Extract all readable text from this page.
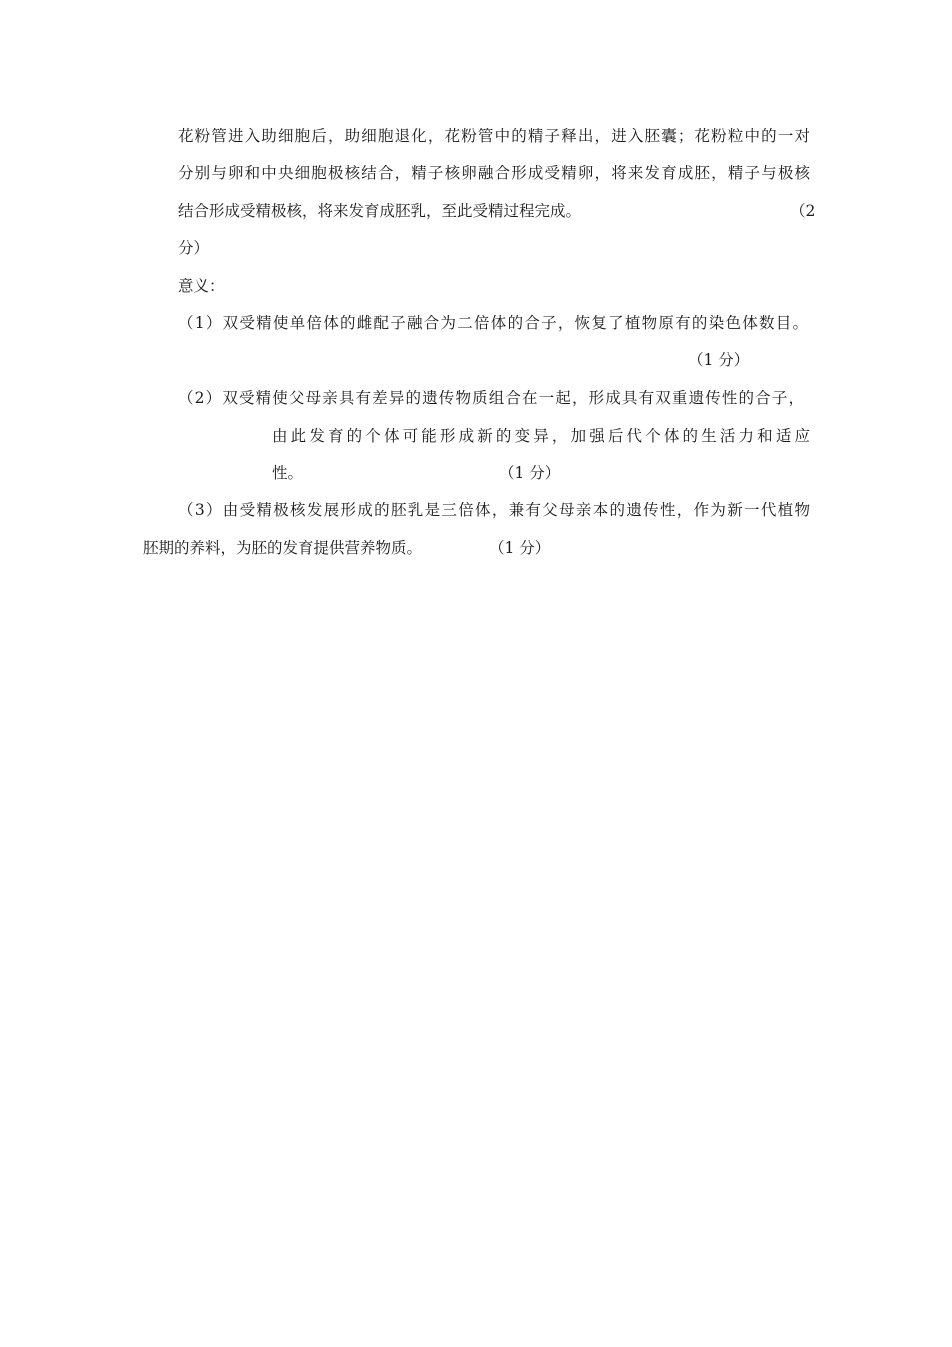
花粉管进入助细胞后，助细胞退化，花粉管中的精子释出，进入胚囊；花粉粒中的一对
分别与卵和中央细胞极核结合，精子核卵融合形成受精卵，将来发育成胚，精子与极核
结合形成受精极核，将来发育成胚乳，至此受精过程完成。	（2
分）
意义：
（1）双受精使单倍体的雌配子融合为二倍体的合子，恢复了植物原有的染色体数目。
（1 分）
（2）双受精使父母亲具有差异的遗传物质组合在一起，形成具有双重遗传性的合子，
由此发育的个体可能形成新的变异，加强后代个体的生活力和适应
性。	（1 分）
（3）由受精极核发展形成的胚乳是三倍体，兼有父母亲本的遗传性，作为新一代植物
胚期的养料，为胚的发育提供营养物质。	（1 分）
